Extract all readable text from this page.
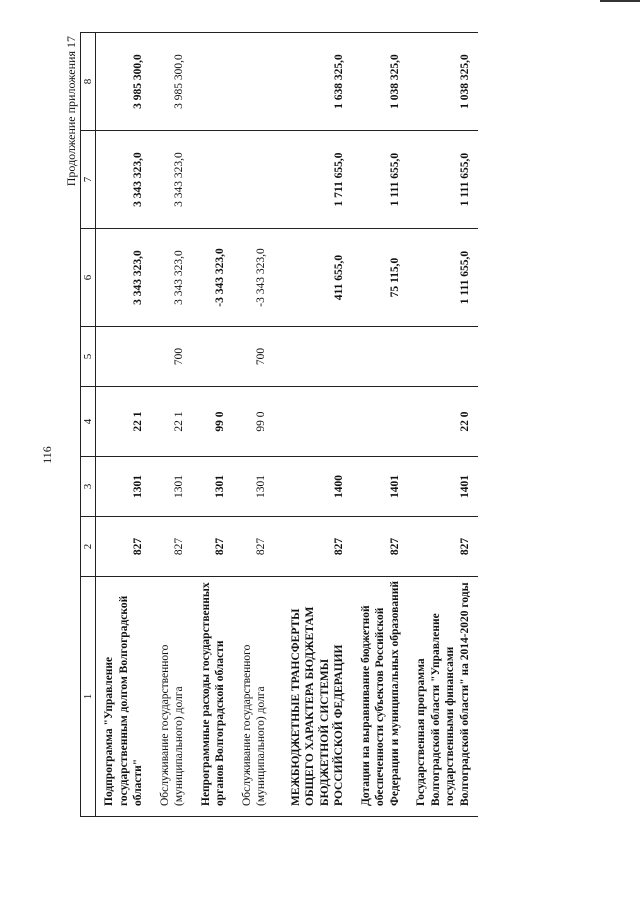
116
Продолжение приложения 17
1	2	3	4	5	6	7	8
Подпрограмма "Управление государственным долгом Волгоградской области"	827	1301	22 1		3 343 323,0	3 343 323,0	3 985 300,0
Обслуживание государственного (муниципального) долга	827	1301	22 1	700	3 343 323,0	3 343 323,0	3 985 300,0
Непрограммные расходы государственных органов Волгоградской области	827	1301	99 0		-3 343 323,0		
Обслуживание государственного (муниципального) долга	827	1301	99 0	700	-3 343 323,0		
МЕЖБЮДЖЕТНЫЕ ТРАНСФЕРТЫ ОБЩЕГО ХАРАКТЕРА БЮДЖЕТАМ БЮДЖЕТНОЙ СИСТЕМЫ РОССИЙСКОЙ ФЕДЕРАЦИИ	827	1400			411 655,0	1 711 655,0	1 638 325,0
Дотации на выравнивание бюджетной обеспеченности субъектов Российской Федерации и муниципальных образований	827	1401			75 115,0	1 111 655,0	1 038 325,0
Государственная программа Волгоградской области "Управление государственными финансами Волгоградской области" на 2014-2020 годы	827	1401	22 0		1 111 655,0	1 111 655,0	1 038 325,0
